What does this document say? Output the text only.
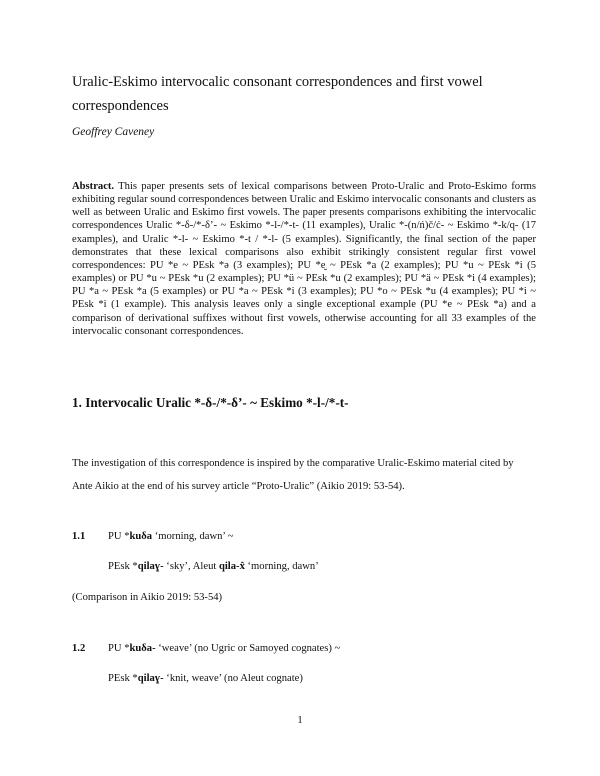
Uralic-Eskimo intervocalic consonant correspondences and first vowel correspondences
Geoffrey Caveney

Abstract. This paper presents sets of lexical comparisons between Proto-Uralic and Proto-Eskimo forms exhibiting regular sound correspondences between Uralic and Eskimo intervocalic consonants and clusters as well as between Uralic and Eskimo first vowels. The paper presents comparisons exhibiting the intervocalic correspondences Uralic *-δ-/*-δ’- ~ Eskimo *-l-/*-t- (11 examples), Uralic *-(n/ń)č/ć- ~ Eskimo *-k/q- (17 examples), and Uralic *-l- ~ Eskimo *-t / *-l- (5 examples). Significantly, the final section of the paper demonstrates that these lexical comparisons also exhibit strikingly consistent regular first vowel correspondences: PU *e ~ PEsk *ə (3 examples); PU *e̮ ~ PEsk *a (2 examples); PU *u ~ PEsk *i (5 examples) or PU *u ~ PEsk *u (2 examples); PU *ü ~ PEsk *u (2 examples); PU *ä ~ PEsk *i (4 examples); PU *a ~ PEsk *a (5 examples) or PU *a ~ PEsk *i (3 examples); PU *o ~ PEsk *u (4 examples); PU *i ~ PEsk *i (1 example). This analysis leaves only a single exceptional example (PU *e ~ PEsk *a) and a comparison of derivational suffixes without first vowels, otherwise accounting for all 33 examples of the intervocalic consonant correspondences.

1. Intervocalic Uralic *-δ-/*-δ’- ~ Eskimo *-l-/*-t-

The investigation of this correspondence is inspired by the comparative Uralic-Eskimo material cited by Ante Aikio at the end of his survey article “Proto-Uralic” (Aikio 2019: 53-54).

1.1 PU *kuδa ‘morning, dawn’ ~
PEsk *qilaɣ- ‘sky’, Aleut qila-x̂ ‘morning, dawn’
(Comparison in Aikio 2019: 53-54)
1.2 PU *kuδa- ‘weave’ (no Ugric or Samoyed cognates) ~
PEsk *qilaɣ- ‘knit, weave’ (no Aleut cognate)
1
